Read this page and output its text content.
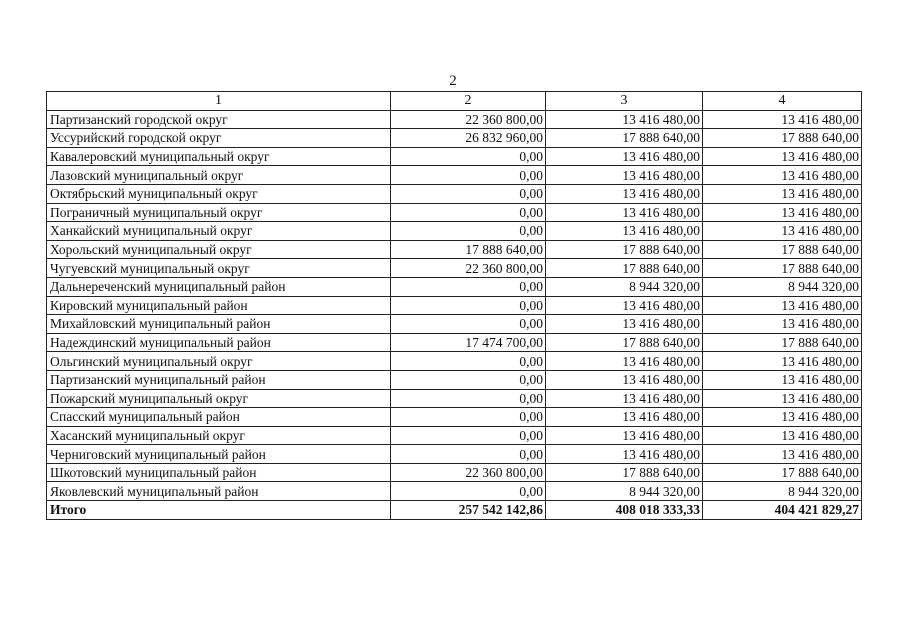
2
1	2	3	4
Партизанский городской округ	22 360 800,00	13 416 480,00	13 416 480,00
Уссурийский городской округ	26 832 960,00	17 888 640,00	17 888 640,00
Кавалеровский муниципальный округ	0,00	13 416 480,00	13 416 480,00
Лазовский муниципальный округ	0,00	13 416 480,00	13 416 480,00
Октябрьский муниципальный округ	0,00	13 416 480,00	13 416 480,00
Пограничный муниципальный округ	0,00	13 416 480,00	13 416 480,00
Ханкайский муниципальный округ	0,00	13 416 480,00	13 416 480,00
Хорольский муниципальный округ	17 888 640,00	17 888 640,00	17 888 640,00
Чугуевский муниципальный округ	22 360 800,00	17 888 640,00	17 888 640,00
Дальнереченский муниципальный район	0,00	8 944 320,00	8 944 320,00
Кировский муниципальный район	0,00	13 416 480,00	13 416 480,00
Михайловский муниципальный район	0,00	13 416 480,00	13 416 480,00
Надеждинский муниципальный район	17 474 700,00	17 888 640,00	17 888 640,00
Ольгинский муниципальный округ	0,00	13 416 480,00	13 416 480,00
Партизанский муниципальный район	0,00	13 416 480,00	13 416 480,00
Пожарский муниципальный округ	0,00	13 416 480,00	13 416 480,00
Спасский муниципальный район	0,00	13 416 480,00	13 416 480,00
Хасанский муниципальный округ	0,00	13 416 480,00	13 416 480,00
Черниговский муниципальный район	0,00	13 416 480,00	13 416 480,00
Шкотовский муниципальный район	22 360 800,00	17 888 640,00	17 888 640,00
Яковлевский муниципальный район	0,00	8 944 320,00	8 944 320,00
Итого	257 542 142,86	408 018 333,33	404 421 829,27
